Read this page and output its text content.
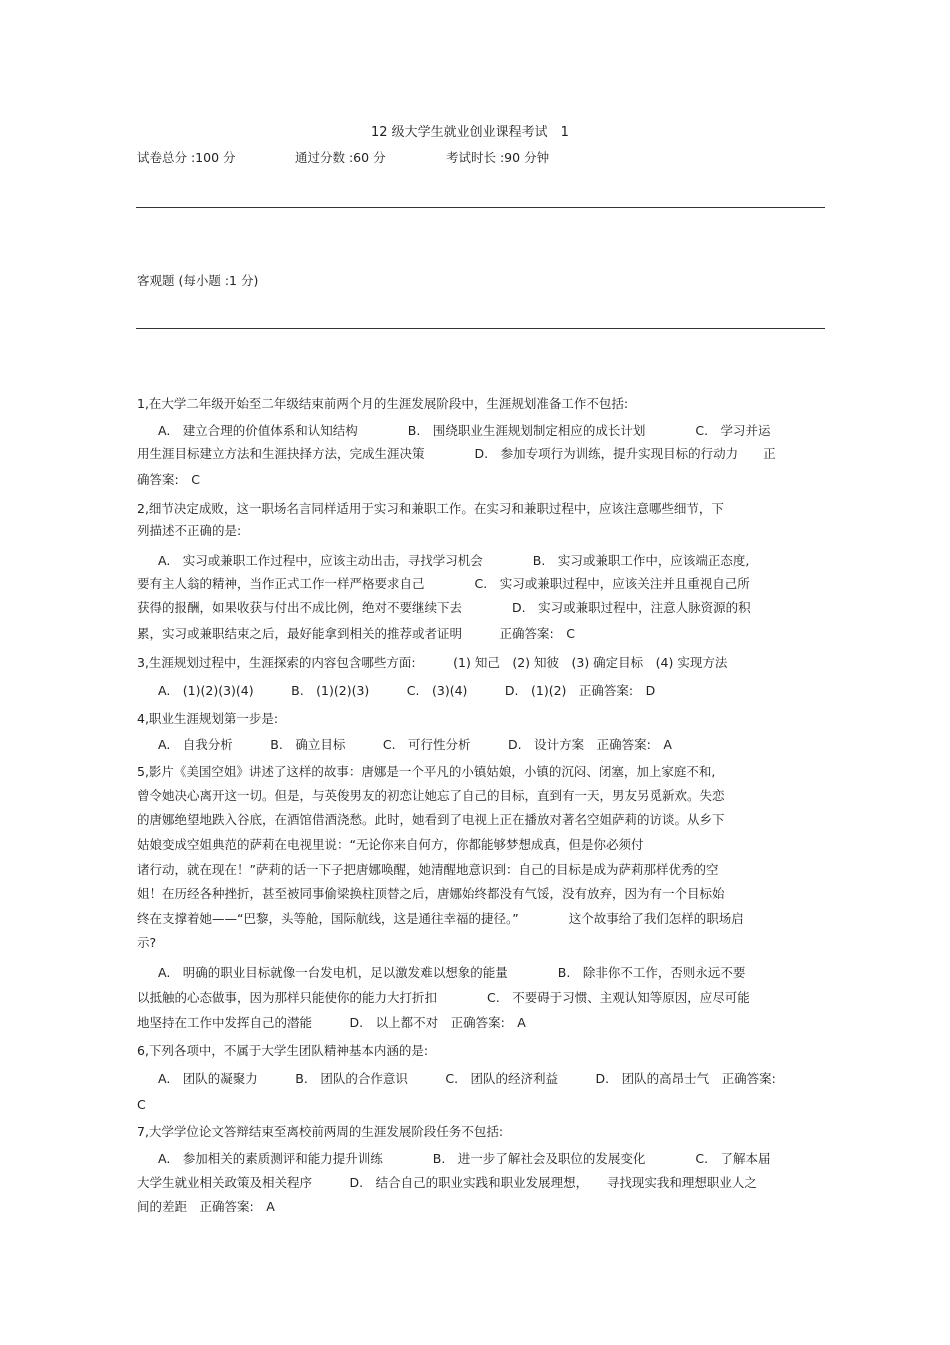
12 级大学生就业创业课程考试　1
试卷总分 :100 分	通过分数 :60 分	考试时长 :90 分钟
客观题 (每小题 :1 分)
1,在大学二年级开始至二年级结束前两个月的生涯发展阶段中，生涯规划准备工作不包括:
A.　建立合理的价值体系和认知结构　　　　B.　围绕职业生涯规划制定相应的成长计划　　　　C.　学习并运
用生涯目标建立方法和生涯抉择方法，完成生涯决策　　　　D.　参加专项行为训练，提升实现目标的行动力　　正
确答案:　C
2,细节决定成败，这一职场名言同样适用于实习和兼职工作。在实习和兼职过程中，应该注意哪些细节，下
列描述不正确的是:
A.　实习或兼职工作过程中，应该主动出击，寻找学习机会　　　　B.　实习或兼职工作中，应该端正态度,
要有主人翁的精神，当作正式工作一样严格要求自己　　　　C.　实习或兼职过程中，应该关注并且重视自己所
获得的报酬，如果收获与付出不成比例，绝对不要继续下去　　　　D.　实习或兼职过程中，注意人脉资源的积
累，实习或兼职结束之后，最好能拿到相关的推荐或者证明　　　正确答案:　C
3,生涯规划过程中，生涯探索的内容包含哪些方面:　　　(1) 知己　(2) 知彼　(3) 确定目标　(4) 实现方法
A.　(1)(2)(3)(4)　　　B.　(1)(2)(3)　　　C.　(3)(4)　　　D.　(1)(2)　正确答案:　D
4,职业生涯规划第一步是:
A.　自我分析　　　B.　确立目标　　　C.　可行性分析　　　D.　设计方案　正确答案:　A
5,影片《美国空姐》讲述了这样的故事：唐娜是一个平凡的小镇姑娘，小镇的沉闷、闭塞，加上家庭不和,
曾令她决心离开这一切。但是，与英俊男友的初恋让她忘了自己的目标，直到有一天，男友另觅新欢。失恋
的唐娜绝望地跌入谷底，在酒馆借酒浇愁。此时，她看到了电视上正在播放对著名空姐萨莉的访谈。从乡下
姑娘变成空姐典范的萨莉在电视里说：“无论你来自何方，你都能够梦想成真，但是你必须付
诸行动，就在现在！”萨莉的话一下子把唐娜唤醒，她清醒地意识到：自己的目标是成为萨莉那样优秀的空
姐！在历经各种挫折，甚至被同事偷梁换柱顶替之后，唐娜始终都没有气馁，没有放弃，因为有一个目标始
终在支撑着她——“巴黎，头等舱，国际航线，这是通往幸福的捷径。”　　　　这个故事给了我们怎样的职场启
示?
A.　明确的职业目标就像一台发电机，足以激发难以想象的能量　　　　B.　除非你不工作，否则永远不要
以抵触的心态做事，因为那样只能使你的能力大打折扣　　　　C.　不要碍于习惯、主观认知等原因，应尽可能
地坚持在工作中发挥自己的潜能　　　D.　以上都不对　正确答案:　A
6,下列各项中，不属于大学生团队精神基本内涵的是:
A.　团队的凝聚力　　　B.　团队的合作意识　　　C.　团队的经济利益　　　D.　团队的高昂士气　正确答案:
C
7,大学学位论文答辩结束至离校前两周的生涯发展阶段任务不包括:
A.　参加相关的素质测评和能力提升训练　　　　B.　进一步了解社会及职位的发展变化　　　　C.　了解本届
大学生就业相关政策及相关程序　　　D.　结合自己的职业实践和职业发展理想，　　寻找现实我和理想职业人之
间的差距　正确答案:　A
